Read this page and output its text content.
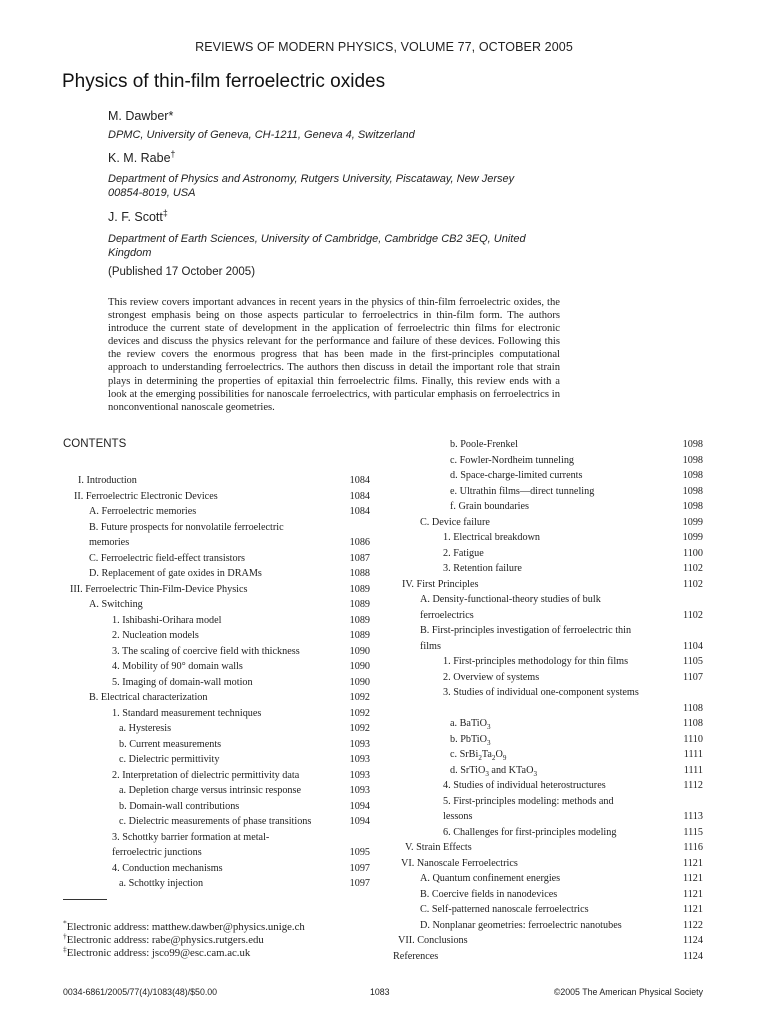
REVIEWS OF MODERN PHYSICS, VOLUME 77, OCTOBER 2005
Physics of thin-film ferroelectric oxides
M. Dawber*
DPMC, University of Geneva, CH-1211, Geneva 4, Switzerland
K. M. Rabe†
Department of Physics and Astronomy, Rutgers University, Piscataway, New Jersey 00854-8019, USA
J. F. Scott‡
Department of Earth Sciences, University of Cambridge, Cambridge CB2 3EQ, United Kingdom
(Published 17 October 2005)
This review covers important advances in recent years in the physics of thin-film ferroelectric oxides, the strongest emphasis being on those aspects particular to ferroelectrics in thin-film form. The authors introduce the current state of development in the application of ferroelectric thin films for electronic devices and discuss the physics relevant for the performance and failure of these devices. Following this the review covers the enormous progress that has been made in the first-principles computational approach to understanding ferroelectrics. The authors then discuss in detail the important role that strain plays in determining the properties of epitaxial thin ferroelectric films. Finally, this review ends with a look at the emerging possibilities for nanoscale ferroelectrics, with particular emphasis on ferroelectrics in nonconventional nanoscale geometries.
CONTENTS
I. Introduction	1084
II. Ferroelectric Electronic Devices	1084
A. Ferroelectric memories	1084
B. Future prospects for nonvolatile ferroelectric memories	1086
C. Ferroelectric field-effect transistors	1087
D. Replacement of gate oxides in DRAMs	1088
III. Ferroelectric Thin-Film-Device Physics	1089
A. Switching	1089
1. Ishibashi-Orihara model	1089
2. Nucleation models	1089
3. The scaling of coercive field with thickness	1090
4. Mobility of 90° domain walls	1090
5. Imaging of domain-wall motion	1090
B. Electrical characterization	1092
1. Standard measurement techniques	1092
a. Hysteresis	1092
b. Current measurements	1093
c. Dielectric permittivity	1093
2. Interpretation of dielectric permittivity data	1093
a. Depletion charge versus intrinsic response	1093
b. Domain-wall contributions	1094
c. Dielectric measurements of phase transitions	1094
3. Schottky barrier formation at metal-ferroelectric junctions	1095
4. Conduction mechanisms	1097
a. Schottky injection	1097
b. Poole-Frenkel	1098
c. Fowler-Nordheim tunneling	1098
d. Space-charge-limited currents	1098
e. Ultrathin films—direct tunneling	1098
f. Grain boundaries	1098
C. Device failure	1099
1. Electrical breakdown	1099
2. Fatigue	1100
3. Retention failure	1102
IV. First Principles	1102
A. Density-functional-theory studies of bulk ferroelectrics	1102
B. First-principles investigation of ferroelectric thin films	1104
1. First-principles methodology for thin films	1105
2. Overview of systems	1107
3. Studies of individual one-component systems
1108
a. BaTiO$_3$	1108
b. PbTiO$_3$	1110
c. $SrBi_2Ta_2O_9$	1111
d. SrTiO$_3$ and KTaO$_3$	1111
4. Studies of individual heterostructures	1112
5. First-principles modeling: methods and lessons	1113
6. Challenges for first-principles modeling	1115
V. Strain Effects	1116
VI. Nanoscale Ferroelectrics	1121
A. Quantum confinement energies	1121
B. Coercive fields in nanodevices	1121
C. Self-patterned nanoscale ferroelectrics	1121
D. Nonplanar geometries: ferroelectric nanotubes	1122
VII. Conclusions	1124
References	1124
*Electronic address: matthew.dawber@physics.unige.ch
†Electronic address: rabe@physics.rutgers.edu
‡Electronic address: jsco99@esc.cam.ac.uk
0034-6861/2005/77(4)/1083(48)/$50.00	1083	©2005 The American Physical Society
